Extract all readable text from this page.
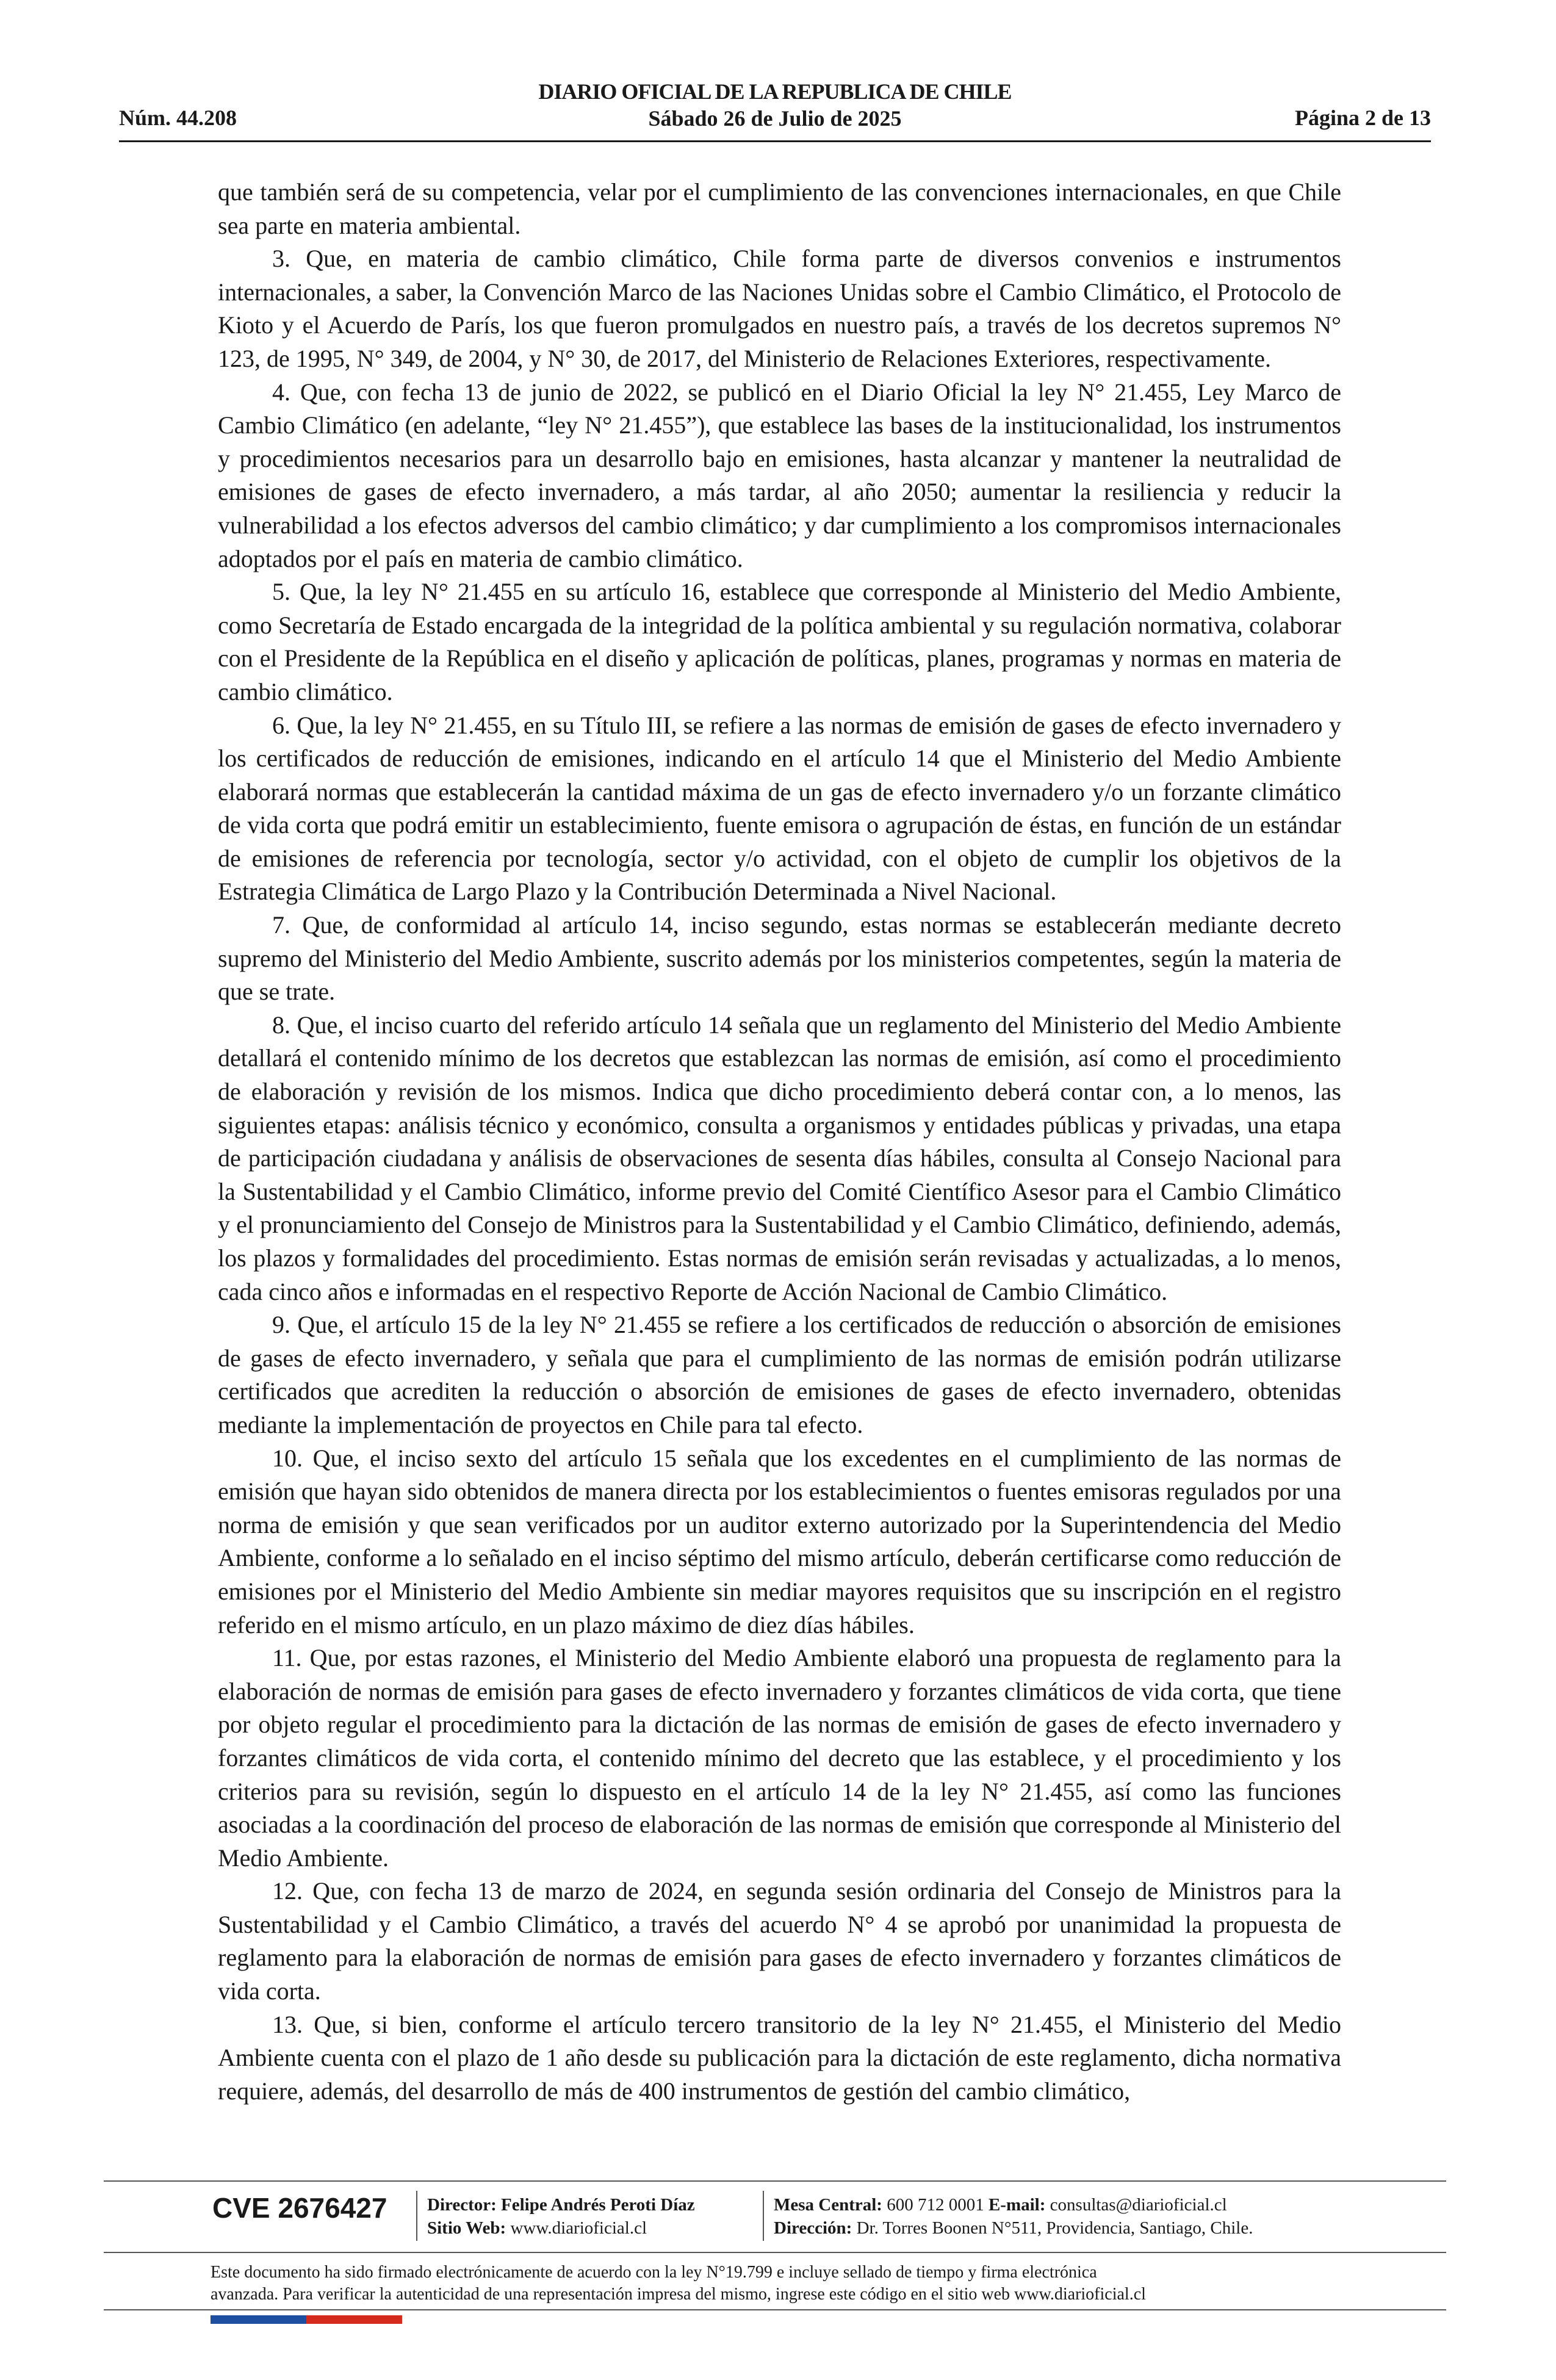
Núm. 44.208
DIARIO OFICIAL DE LA REPUBLICA DE CHILE
Sábado 26 de Julio de 2025	Página 2 de 13

que también será de su competencia, velar por el cumplimiento de las convenciones internacionales, en que Chile sea parte en materia ambiental.

3. Que, en materia de cambio climático, Chile forma parte de diversos convenios e instrumentos internacionales, a saber, la Convención Marco de las Naciones Unidas sobre el Cambio Climático, el Protocolo de Kioto y el Acuerdo de París, los que fueron promulgados en nuestro país, a través de los decretos supremos N° 123, de 1995, N° 349, de 2004, y N° 30, de 2017, del Ministerio de Relaciones Exteriores, respectivamente.

4. Que, con fecha 13 de junio de 2022, se publicó en el Diario Oficial la ley N° 21.455, Ley Marco de Cambio Climático (en adelante, “ley N° 21.455”), que establece las bases de la institucionalidad, los instrumentos y procedimientos necesarios para un desarrollo bajo en emisiones, hasta alcanzar y mantener la neutralidad de emisiones de gases de efecto invernadero, a más tardar, al año 2050; aumentar la resiliencia y reducir la vulnerabilidad a los efectos adversos del cambio climático; y dar cumplimiento a los compromisos internacionales adoptados por el país en materia de cambio climático.

5. Que, la ley N° 21.455 en su artículo 16, establece que corresponde al Ministerio del Medio Ambiente, como Secretaría de Estado encargada de la integridad de la política ambiental y su regulación normativa, colaborar con el Presidente de la República en el diseño y aplicación de políticas, planes, programas y normas en materia de cambio climático.

6. Que, la ley N° 21.455, en su Título III, se refiere a las normas de emisión de gases de efecto invernadero y los certificados de reducción de emisiones, indicando en el artículo 14 que el Ministerio del Medio Ambiente elaborará normas que establecerán la cantidad máxima de un gas de efecto invernadero y/o un forzante climático de vida corta que podrá emitir un establecimiento, fuente emisora o agrupación de éstas, en función de un estándar de emisiones de referencia por tecnología, sector y/o actividad, con el objeto de cumplir los objetivos de la Estrategia Climática de Largo Plazo y la Contribución Determinada a Nivel Nacional.

7. Que, de conformidad al artículo 14, inciso segundo, estas normas se establecerán mediante decreto supremo del Ministerio del Medio Ambiente, suscrito además por los ministerios competentes, según la materia de que se trate.

8. Que, el inciso cuarto del referido artículo 14 señala que un reglamento del Ministerio del Medio Ambiente detallará el contenido mínimo de los decretos que establezcan las normas de emisión, así como el procedimiento de elaboración y revisión de los mismos. Indica que dicho procedimiento deberá contar con, a lo menos, las siguientes etapas: análisis técnico y económico, consulta a organismos y entidades públicas y privadas, una etapa de participación ciudadana y análisis de observaciones de sesenta días hábiles, consulta al Consejo Nacional para la Sustentabilidad y el Cambio Climático, informe previo del Comité Científico Asesor para el Cambio Climático y el pronunciamiento del Consejo de Ministros para la Sustentabilidad y el Cambio Climático, definiendo, además, los plazos y formalidades del procedimiento. Estas normas de emisión serán revisadas y actualizadas, a lo menos, cada cinco años e informadas en el respectivo Reporte de Acción Nacional de Cambio Climático.

9. Que, el artículo 15 de la ley N° 21.455 se refiere a los certificados de reducción o absorción de emisiones de gases de efecto invernadero, y señala que para el cumplimiento de las normas de emisión podrán utilizarse certificados que acrediten la reducción o absorción de emisiones de gases de efecto invernadero, obtenidas mediante la implementación de proyectos en Chile para tal efecto.

10. Que, el inciso sexto del artículo 15 señala que los excedentes en el cumplimiento de las normas de emisión que hayan sido obtenidos de manera directa por los establecimientos o fuentes emisoras regulados por una norma de emisión y que sean verificados por un auditor externo autorizado por la Superintendencia del Medio Ambiente, conforme a lo señalado en el inciso séptimo del mismo artículo, deberán certificarse como reducción de emisiones por el Ministerio del Medio Ambiente sin mediar mayores requisitos que su inscripción en el registro referido en el mismo artículo, en un plazo máximo de diez días hábiles.

11. Que, por estas razones, el Ministerio del Medio Ambiente elaboró una propuesta de reglamento para la elaboración de normas de emisión para gases de efecto invernadero y forzantes climáticos de vida corta, que tiene por objeto regular el procedimiento para la dictación de las normas de emisión de gases de efecto invernadero y forzantes climáticos de vida corta, el contenido mínimo del decreto que las establece, y el procedimiento y los criterios para su revisión, según lo dispuesto en el artículo 14 de la ley N° 21.455, así como las funciones asociadas a la coordinación del proceso de elaboración de las normas de emisión que corresponde al Ministerio del Medio Ambiente.

12. Que, con fecha 13 de marzo de 2024, en segunda sesión ordinaria del Consejo de Ministros para la Sustentabilidad y el Cambio Climático, a través del acuerdo N° 4 se aprobó por unanimidad la propuesta de reglamento para la elaboración de normas de emisión para gases de efecto invernadero y forzantes climáticos de vida corta.

13. Que, si bien, conforme el artículo tercero transitorio de la ley N° 21.455, el Ministerio del Medio Ambiente cuenta con el plazo de 1 año desde su publicación para la dictación de este reglamento, dicha normativa requiere, además, del desarrollo de más de 400 instrumentos de gestión del cambio climático,

CVE 2676427 Director: Felipe Andrés Peroti Díaz
Sitio Web: www.diarioficial.cl
Mesa Central: 600 712 0001 E-mail: consultas@diarioficial.cl
Dirección: Dr. Torres Boonen N°511, Providencia, Santiago, Chile.
Este documento ha sido firmado electrónicamente de acuerdo con la ley N°19.799 e incluye sellado de tiempo y firma electrónica
avanzada. Para verificar la autenticidad de una representación impresa del mismo, ingrese este código en el sitio web www.diarioficial.cl
